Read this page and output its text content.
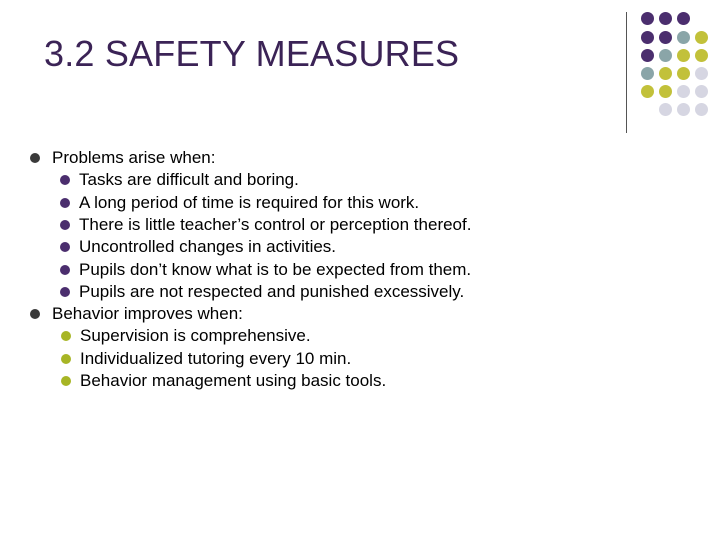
3.2 SAFETY MEASURES
Problems arise when:
Tasks are difficult and boring.
A long period of time is required for this work.
There is little teacher’s control or perception thereof.
Uncontrolled changes in activities.
Pupils don’t know what is to be expected from them.
Pupils are not respected and punished excessively.
Behavior improves when:
Supervision is comprehensive.
Individualized tutoring every 10 min.
Behavior management using basic tools.
